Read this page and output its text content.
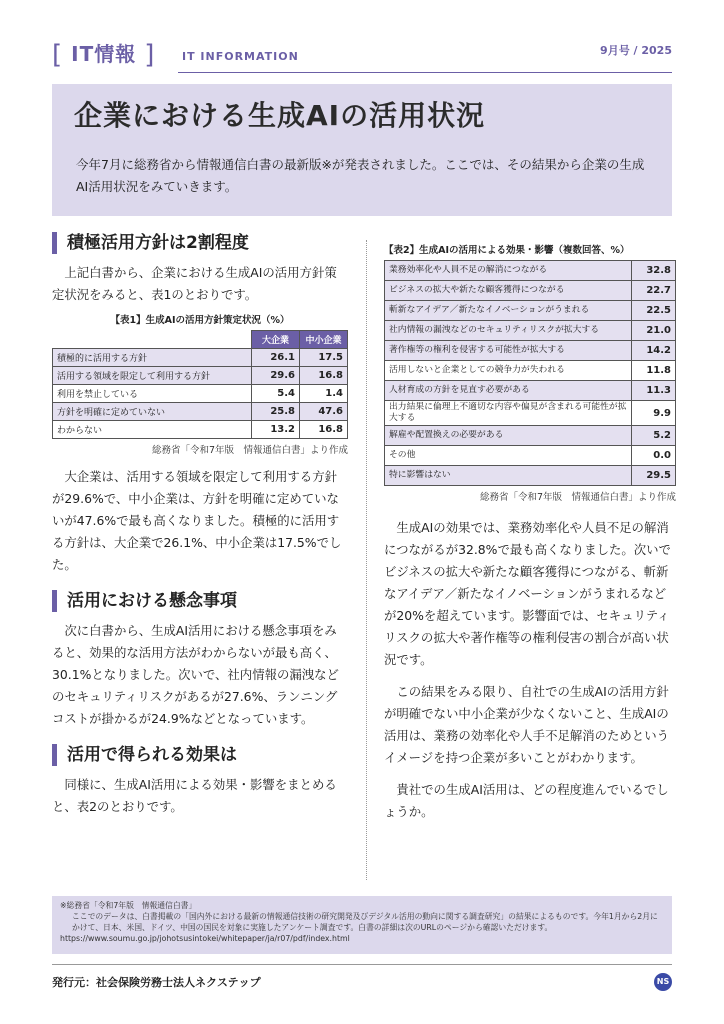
[ IT情報 ] IT INFORMATION	9月号 / 2025
企業における生成AIの活用状況
今年7月に総務省から情報通信白書の最新版※が発表されました。ここでは、その結果から企業の生成AI活用状況をみていきます。
積極活用方針は2割程度
上記白書から、企業における生成AIの活用方針策定状況をみると、表1のとおりです。
【表1】生成AIの活用方針策定状況（%）
	大企業	中小企業
積極的に活用する方針	26.1	17.5
活用する領域を限定して利用する方針	29.6	16.8
利用を禁止している	5.4	1.4
方針を明確に定めていない	25.8	47.6
わからない	13.2	16.8
総務省「令和7年版　情報通信白書」より作成
大企業は、活用する領域を限定して利用する方針が29.6%で、中小企業は、方針を明確に定めていないが47.6%で最も高くなりました。積極的に活用する方針は、大企業で26.1%、中小企業は17.5%でした。
活用における懸念事項
次に白書から、生成AI活用における懸念事項をみると、効果的な活用方法がわからないが最も高く、30.1%となりました。次いで、社内情報の漏洩などのセキュリティリスクがあるが27.6%、ランニングコストが掛かるが24.9%などとなっています。
活用で得られる効果は
同様に、生成AI活用による効果・影響をまとめると、表2のとおりです。
【表2】生成AIの活用による効果・影響（複数回答、%）
業務効率化や人員不足の解消につながる	32.8
ビジネスの拡大や新たな顧客獲得につながる	22.7
斬新なアイデア／新たなイノベーションがうまれる	22.5
社内情報の漏洩などのセキュリティリスクが拡大する	21.0
著作権等の権利を侵害する可能性が拡大する	14.2
活用しないと企業としての競争力が失われる	11.8
人材育成の方針を見直す必要がある	11.3
出力結果に倫理上不適切な内容や偏見が含まれる可能性が拡大する	9.9
解雇や配置換えの必要がある	5.2
その他	0.0
特に影響はない	29.5
総務省「令和7年版　情報通信白書」より作成
生成AIの効果では、業務効率化や人員不足の解消につながるが32.8%で最も高くなりました。次いでビジネスの拡大や新たな顧客獲得につながる、斬新なアイデア／新たなイノベーションがうまれるなどが20%を超えています。影響面では、セキュリティリスクの拡大や著作権等の権利侵害の割合が高い状況です。
この結果をみる限り、自社での生成AIの活用方針が明確でない中小企業が少なくないこと、生成AIの活用は、業務の効率化や人手不足解消のためというイメージを持つ企業が多いことがわかります。
貴社での生成AI活用は、どの程度進んでいるでしょうか。
※総務省「令和7年版　情報通信白書」
ここでのデータは、白書掲載の「国内外における最新の情報通信技術の研究開発及びデジタル活用の動向に関する調査研究」の結果によるものです。今年1月から2月にかけて、日本、米国、ドイツ、中国の国民を対象に実施したアンケート調査です。白書の詳細は次のURLのページから確認いただけます。
https://www.soumu.go.jp/johotsusintokei/whitepaper/ja/r07/pdf/index.html
発行元：社会保険労務士法人ネクステップ	NS
